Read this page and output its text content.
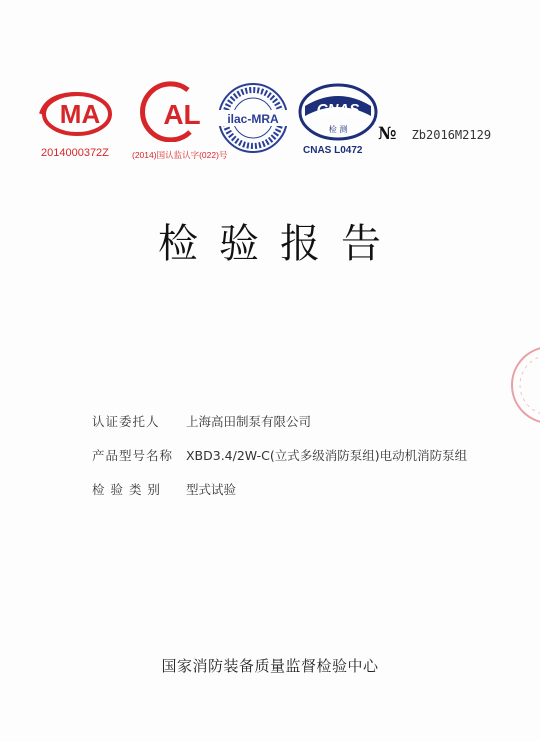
MA
2014000372Z
AL
(2014)国认监认字(022)号
ilac-MRA
CNAS
检 测
CNAS L0472
№ Zb2016M2129
检验报告
认证委托人 上海高田制泵有限公司
产品型号名称 XBD3.4/2W-C(立式多级消防泵组)电动机消防泵组
检 验 类 别 型式试验
国家消防装备质量监督检验中心
